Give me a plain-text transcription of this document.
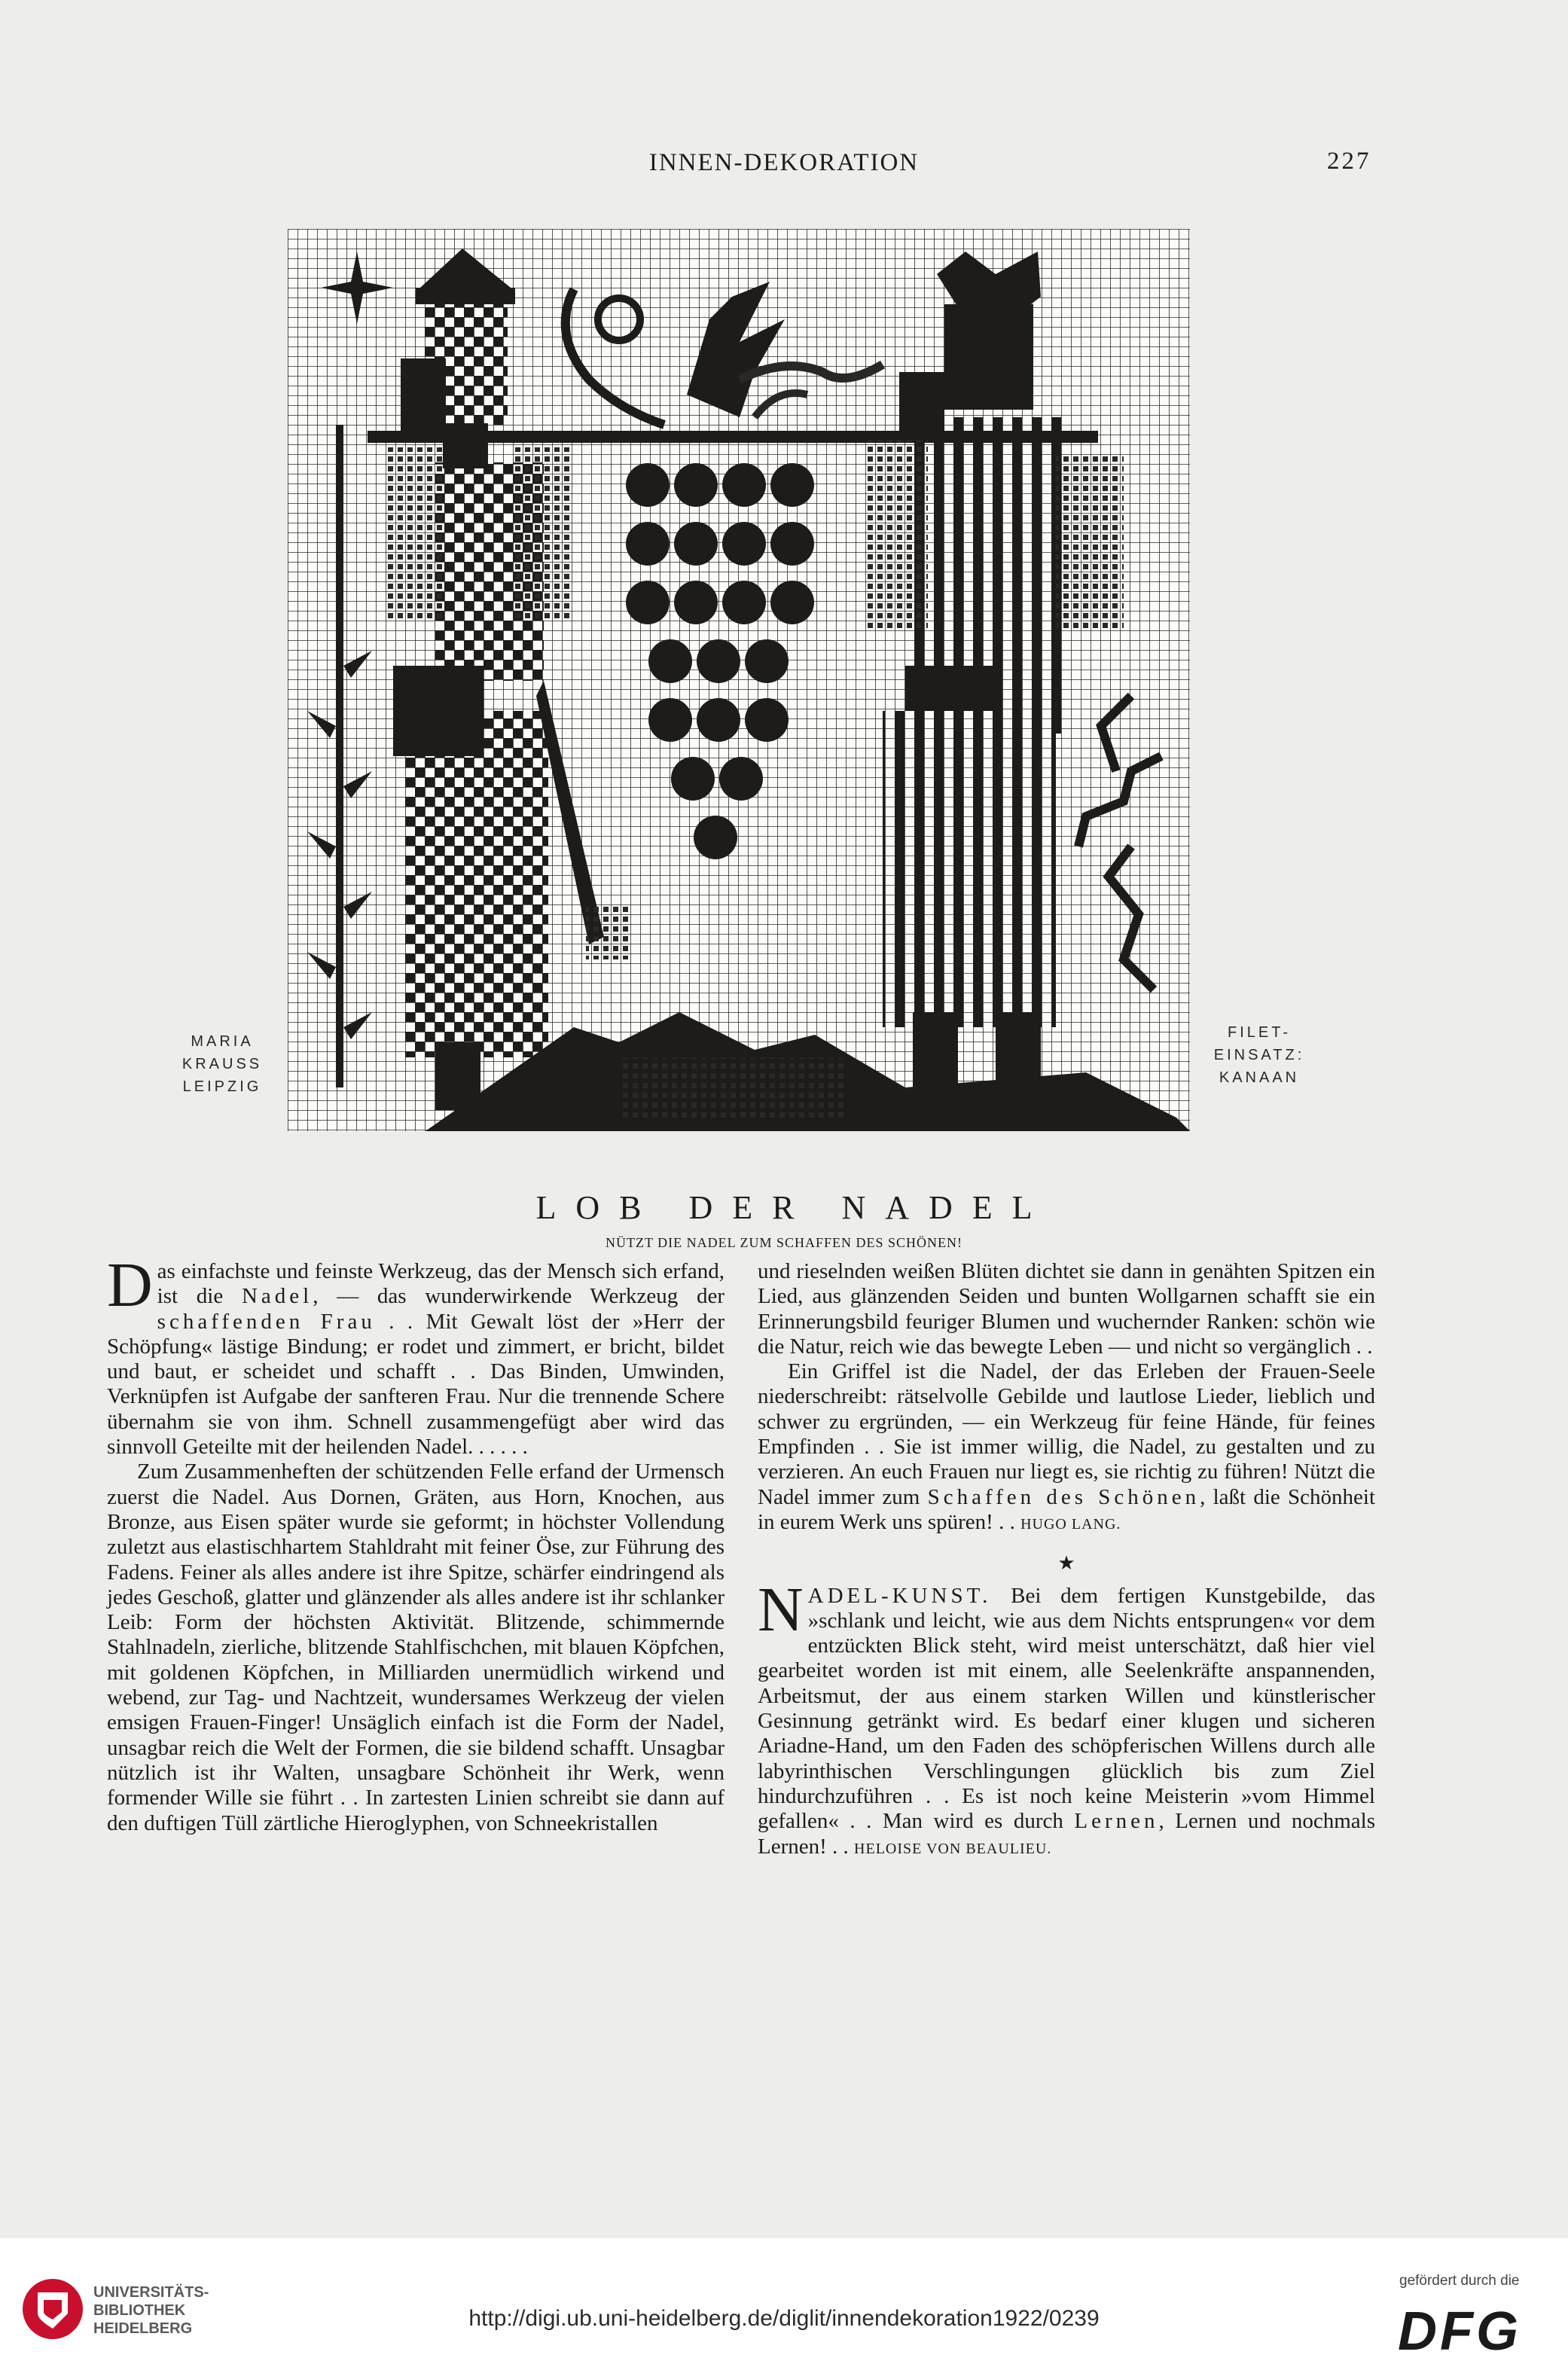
INNEN-DEKORATION	227
MARIA
KRAUSS
LEIPZIG
FILET-
EINSATZ:
KANAAN
LOB DER NADEL
NÜTZT DIE NADEL ZUM SCHAFFEN DES SCHÖNEN!

Das einfachste und feinste Werkzeug, das der Mensch sich erfand, ist die Nadel, — das wunderwirkende Werkzeug der schaffenden Frau . . Mit Gewalt löst der »Herr der Schöpfung« lästige Bindung; er rodet und zimmert, er bricht, bildet und baut, er scheidet und schafft . . Das Binden, Umwinden, Verknüpfen ist Aufgabe der sanfteren Frau. Nur die trennende Schere übernahm sie von ihm. Schnell zusammengefügt aber wird das sinnvoll Geteilte mit der heilenden Nadel. . . . . .

Zum Zusammenheften der schützenden Felle erfand der Urmensch zuerst die Nadel. Aus Dornen, Gräten, aus Horn, Knochen, aus Bronze, aus Eisen später wurde sie geformt; in höchster Vollendung zuletzt aus elastischhartem Stahldraht mit feiner Öse, zur Führung des Fadens. Feiner als alles andere ist ihre Spitze, schärfer eindringend als jedes Geschoß, glatter und glänzender als alles andere ist ihr schlanker Leib: Form der höchsten Aktivität. Blitzende, schimmernde Stahlnadeln, zierliche, blitzende Stahlfischchen, mit blauen Köpfchen, mit goldenen Köpfchen, in Milliarden unermüdlich wirkend und webend, zur Tag- und Nachtzeit, wundersames Werkzeug der vielen emsigen Frauen-Finger! Unsäglich einfach ist die Form der Nadel, unsagbar reich die Welt der Formen, die sie bildend schafft. Unsagbar nützlich ist ihr Walten, unsagbare Schönheit ihr Werk, wenn formender Wille sie führt . . In zartesten Linien schreibt sie dann auf den duftigen Tüll zärtliche Hieroglyphen, von Schneekristallen

und rieselnden weißen Blüten dichtet sie dann in genähten Spitzen ein Lied, aus glänzenden Seiden und bunten Wollgarnen schafft sie ein Erinnerungsbild feuriger Blumen und wuchernder Ranken: schön wie die Natur, reich wie das bewegte Leben — und nicht so vergänglich . .

Ein Griffel ist die Nadel, der das Erleben der Frauen-Seele niederschreibt: rätselvolle Gebilde und lautlose Lieder, lieblich und schwer zu ergründen, — ein Werkzeug für feine Hände, für feines Empfinden . . Sie ist immer willig, die Nadel, zu gestalten und zu verzieren. An euch Frauen nur liegt es, sie richtig zu führen! Nützt die Nadel immer zum Schaffen des Schönen, laßt die Schönheit in eurem Werk uns spüren! . . HUGO LANG.

★

NADEL-KUNST. Bei dem fertigen Kunstgebilde, das »schlank und leicht, wie aus dem Nichts entsprungen« vor dem entzückten Blick steht, wird meist unterschätzt, daß hier viel gearbeitet worden ist mit einem, alle Seelenkräfte anspannenden, Arbeitsmut, der aus einem starken Willen und künstlerischer Gesinnung getränkt wird. Es bedarf einer klugen und sicheren Ariadne-Hand, um den Faden des schöpferischen Willens durch alle labyrinthischen Verschlingungen glücklich bis zum Ziel hindurchzuführen . . Es ist noch keine Meisterin »vom Himmel gefallen« . . Man wird es durch Lernen, Lernen und nochmals Lernen! . . HELOISE VON BEAULIEU.

UNIVERSITÄTS-
BIBLIOTHEK
HEIDELBERG	http://digi.ub.uni-heidelberg.de/diglit/innendekoration1922/0239
gefördert durch die
DFG
